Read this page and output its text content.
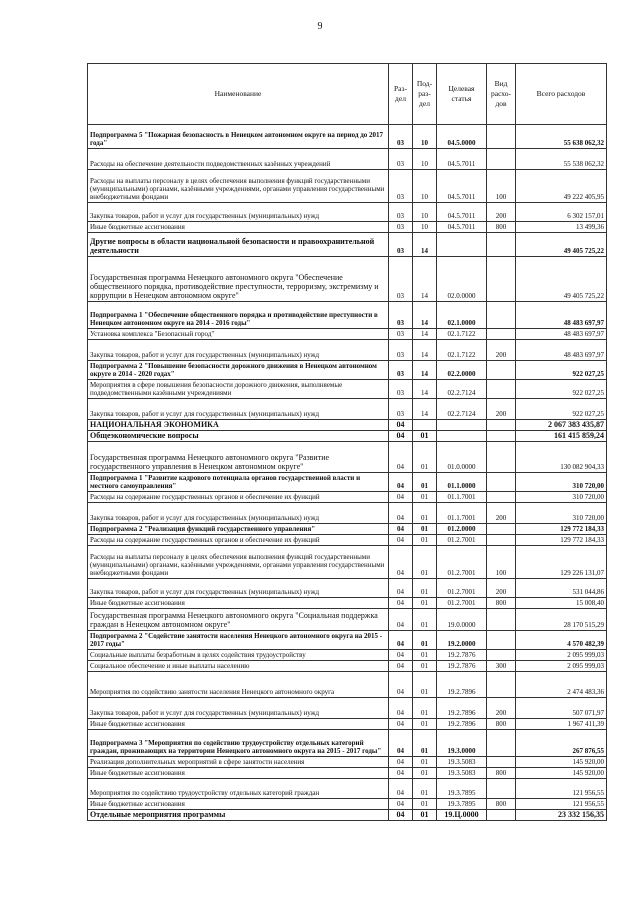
9
Наименование	Раз-дел	Под-раз-дел	Целевая статья	Вид расхо-дов	Всего расходов
Подпрограмма 5 "Пожарная безопасность в Ненецком автономном округе на период до 2017 года"	03	10	04.5.0000		55 638 062,32
Расходы на обеспечение деятельности подведомственных казённых учреждений	03	10	04.5.7011		55 538 062,32
Расходы на выплаты персоналу в целях обеспечения выполнения функций государственными (муниципальными) органами, казёнными учреждениями, органами управления государственными внебюджетными фондами	03	10	04.5.7011	100	49 222 405,95
Закупка товаров, работ и услуг для государственных (муниципальных) нужд	03	10	04.5.7011	200	6 302 157,01
Иные бюджетные ассигнования	03	10	04.5.7011	800	13 499,36
Другие вопросы в области национальной безопасности и правоохранительной деятельности	03	14			49 405 725,22
Государственная программа Ненецкого автономного округа "Обеспечение общественного порядка, противодействие преступности, терроризму, экстремизму и коррупции в Ненецком автономном округе"	03	14	02.0.0000		49 405 725,22
Подпрограмма 1 "Обеспечение общественного порядка и противодействие преступности в Ненецком автономном округе на 2014 - 2016 годы"	03	14	02.1.0000		48 483 697,97
Установка комплекса "Безопасный город"	03	14	02.1.7122		48 483 697,97
Закупка товаров, работ и услуг для государственных (муниципальных) нужд	03	14	02.1.7122	200	48 483 697,97
Подпрограмма 2 "Повышение безопасности дорожного движения в Ненецком автономном округе в 2014 - 2020 годах"	03	14	02.2.0000		922 027,25
Мероприятия в сфере повышения безопасности дорожного движения, выполняемые подведомственными казёнными учреждениями	03	14	02.2.7124		922 027,25
Закупка товаров, работ и услуг для государственных (муниципальных) нужд	03	14	02.2.7124	200	922 027,25
НАЦИОНАЛЬНАЯ ЭКОНОМИКА	04				2 067 383 435,87
Общеэкономические вопросы	04	01			161 415 859,24
Государственная программа Ненецкого автономного округа "Развитие государственного управления в Ненецком автономном округе"	04	01	01.0.0000		130 082 904,33
Подпрограмма 1 "Развитие кадрового потенциала органов государственной власти и местного самоуправления"	04	01	01.1.0000		310 720,00
Расходы на содержание государственных органов и обеспечение их функций	04	01	01.1.7001		310 720,00
Закупка товаров, работ и услуг для государственных (муниципальных) нужд	04	01	01.1.7001	200	310 720,00
Подпрограмма 2 "Реализация функций государственного управления"	04	01	01.2.0000		129 772 184,33
Расходы на содержание государственных органов и обеспечение их функций	04	01	01.2.7001		129 772 184,33
Расходы на выплаты персоналу в целях обеспечения выполнения функций государственными (муниципальными) органами, казёнными учреждениями, органами управления государственными внебюджетными фондами	04	01	01.2.7001	100	129 226 131,07
Закупка товаров, работ и услуг для государственных (муниципальных) нужд	04	01	01.2.7001	200	531 044,86
Иные бюджетные ассигнования	04	01	01.2.7001	800	15 008,40
Государственная программа Ненецкого автономного округа "Социальная поддержка граждан в Ненецком автономном округе"	04	01	19.0.0000		28 170 515,29
Подпрограмма 2 "Содействие занятости населения Ненецкого автономного округа на 2015 - 2017 годы"	04	01	19.2.0000		4 570 482,39
Социальные выплаты безработным в целях содействия трудоустройству	04	01	19.2.7876		2 095 999,03
Социальное обеспечение и иные выплаты населению	04	01	19.2.7876	300	2 095 999,03
Мероприятия по содействию занятости населения Ненецкого автономного округа	04	01	19.2.7896		2 474 483,36
Закупка товаров, работ и услуг для государственных (муниципальных) нужд	04	01	19.2.7896	200	507 071,97
Иные бюджетные ассигнования	04	01	19.2.7896	800	1 967 411,39
Подпрограмма 3 "Мероприятия по содействию трудоустройству отдельных категорий граждан, проживающих на территории Ненецкого автономного округа на 2015 - 2017 годы"	04	01	19.3.0000		267 876,55
Реализация дополнительных мероприятий в сфере занятости населения	04	01	19.3.5083		145 920,00
Иные бюджетные ассигнования	04	01	19.3.5083	800	145 920,00
Мероприятия по содействию трудоустройству отдельных категорий граждан	04	01	19.3.7895		121 956,55
Иные бюджетные ассигнования	04	01	19.3.7895	800	121 956,55
Отдельные мероприятия программы	04	01	19.Ц.0000		23 332 156,35
